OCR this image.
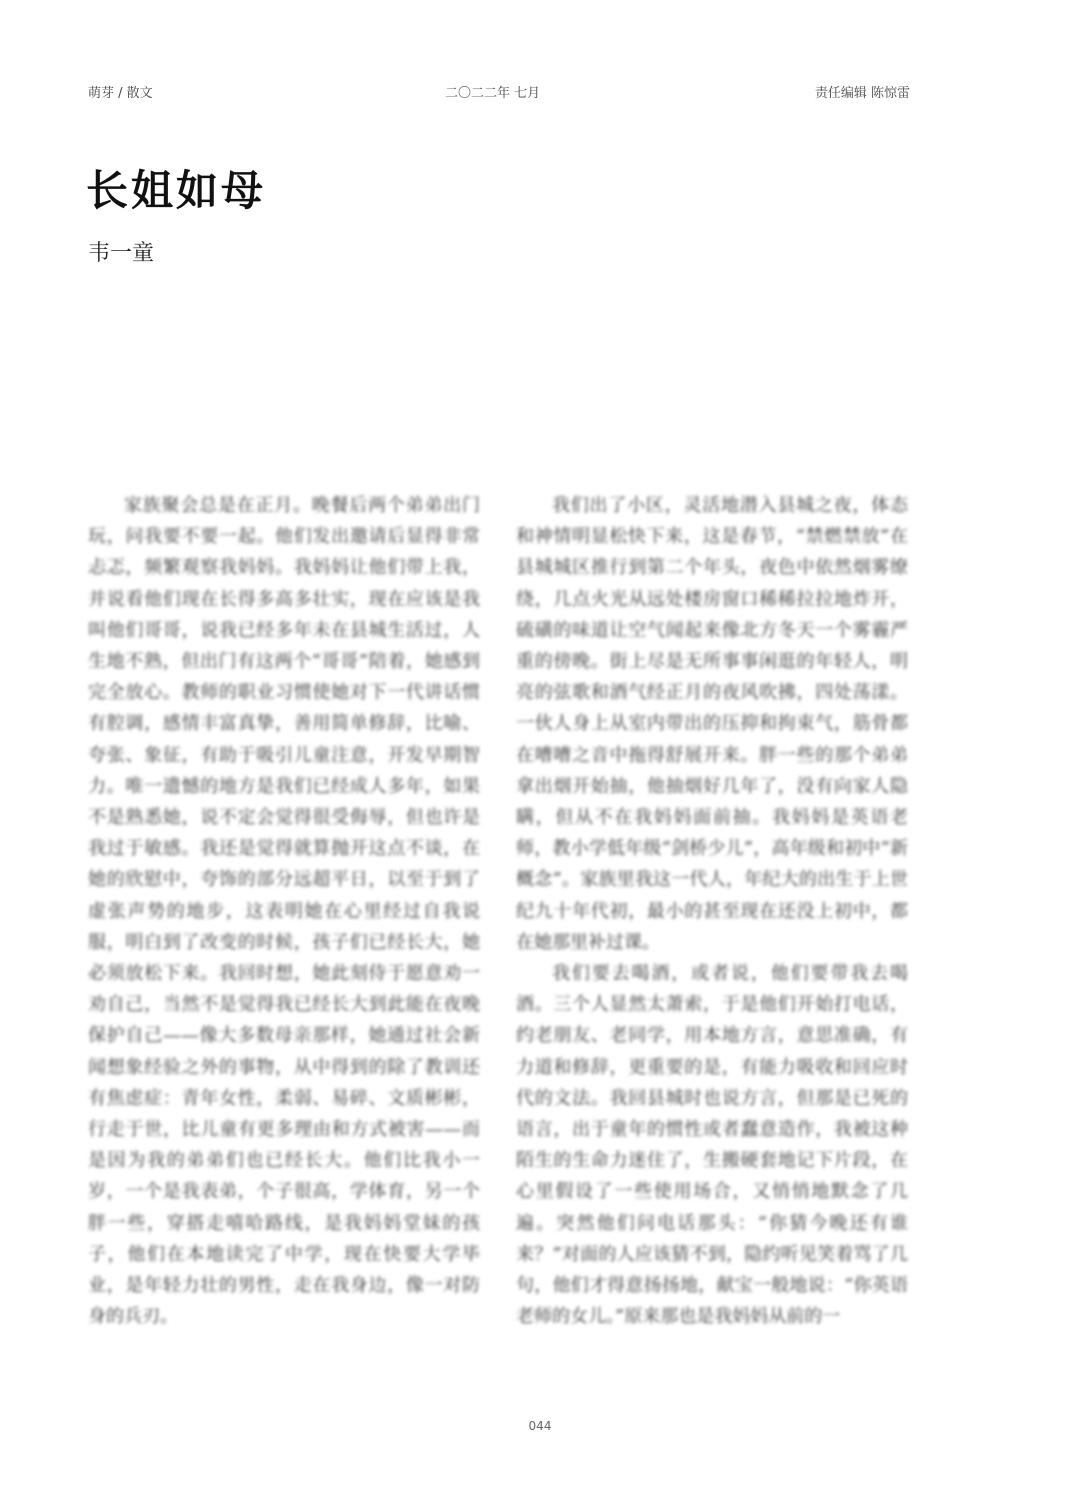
萌芽 / 散文	二〇二二年 七月	责任编辑 陈惊雷
长姐如母
韦一童

家族聚会总是在正月。晚餐后两个弟弟出门玩，问我要不要一起。他们发出邀请后显得非常忐忑，频繁观察我妈妈。我妈妈让他们带上我，并说看他们现在长得多高多壮实，现在应该是我叫他们哥哥，说我已经多年未在县城生活过，人生地不熟，但出门有这两个“哥哥”陪着，她感到完全放心。教师的职业习惯使她对下一代讲话惯有腔调，感情丰富真挚，善用简单修辞，比喻、夸张、象征，有助于吸引儿童注意，开发早期智力。唯一遗憾的地方是我们已经成人多年，如果不是熟悉她，说不定会觉得很受侮辱，但也许是我过于敏感。我还是觉得就算抛开这点不谈，在她的欣慰中，夸饰的部分远超平日，以至于到了虚张声势的地步，这表明她在心里经过自我说服，明白到了改变的时候，孩子们已经长大，她必须放松下来。我回时想，她此刻侍于愿意劝一劝自己，当然不是觉得我已经长大到此能在夜晚保护自己——像大多数母亲那样，她通过社会新闻想象经验之外的事物，从中得到的除了教训还有焦虑症：青年女性，柔弱、易碎、文质彬彬，行走于世，比儿童有更多理由和方式被害——而是因为我的弟弟们也已经长大。他们比我小一岁，一个是我表弟，个子很高，学体育，另一个胖一些，穿搭走嘻哈路线，是我妈妈堂妹的孩子，他们在本地读完了中学，现在快要大学毕业，是年轻力壮的男性，走在我身边，像一对防身的兵刃。

我们出了小区，灵活地潜入县城之夜，体态和神情明显松快下来，这是春节，“禁燃禁放”在县城城区推行到第二个年头，夜色中依然烟雾缭绕，几点火光从远处楼房窗口稀稀拉拉地炸开，硫磺的味道让空气闻起来像北方冬天一个雾霾严重的傍晚。街上尽是无所事事闲逛的年轻人，明亮的弦歌和酒气经正月的夜风吹拂，四处荡漾。一伙人身上从室内带出的压抑和拘束气，筋骨都在嘈嘈之音中拖得舒展开来。胖一些的那个弟弟拿出烟开始抽，他抽烟好几年了，没有向家人隐瞒，但从不在我妈妈面前抽。我妈妈是英语老师，教小学低年级“剑桥少儿”，高年级和初中“新概念”。家族里我这一代人，年纪大的出生于上世纪九十年代初，最小的甚至现在还没上初中，都在她那里补过课。

我们要去喝酒，或者说，他们要带我去喝酒。三个人显然太萧索，于是他们开始打电话，约老朋友、老同学，用本地方言，意思准确，有力道和修辞，更重要的是，有能力吸收和回应时代的文法。我回县城时也说方言，但那是已死的语言，出于童年的惯性或者蠢意造作，我被这种陌生的生命力迷住了，生搬硬套地记下片段，在心里假设了一些使用场合，又悄悄地默念了几遍。突然他们问电话那头：“你猜今晚还有谁来？”对面的人应该猜不到，隐约听见笑着骂了几句，他们才得意扬扬地，献宝一般地说：“你英语老师的女儿。”原来那也是我妈妈从前的一

044
